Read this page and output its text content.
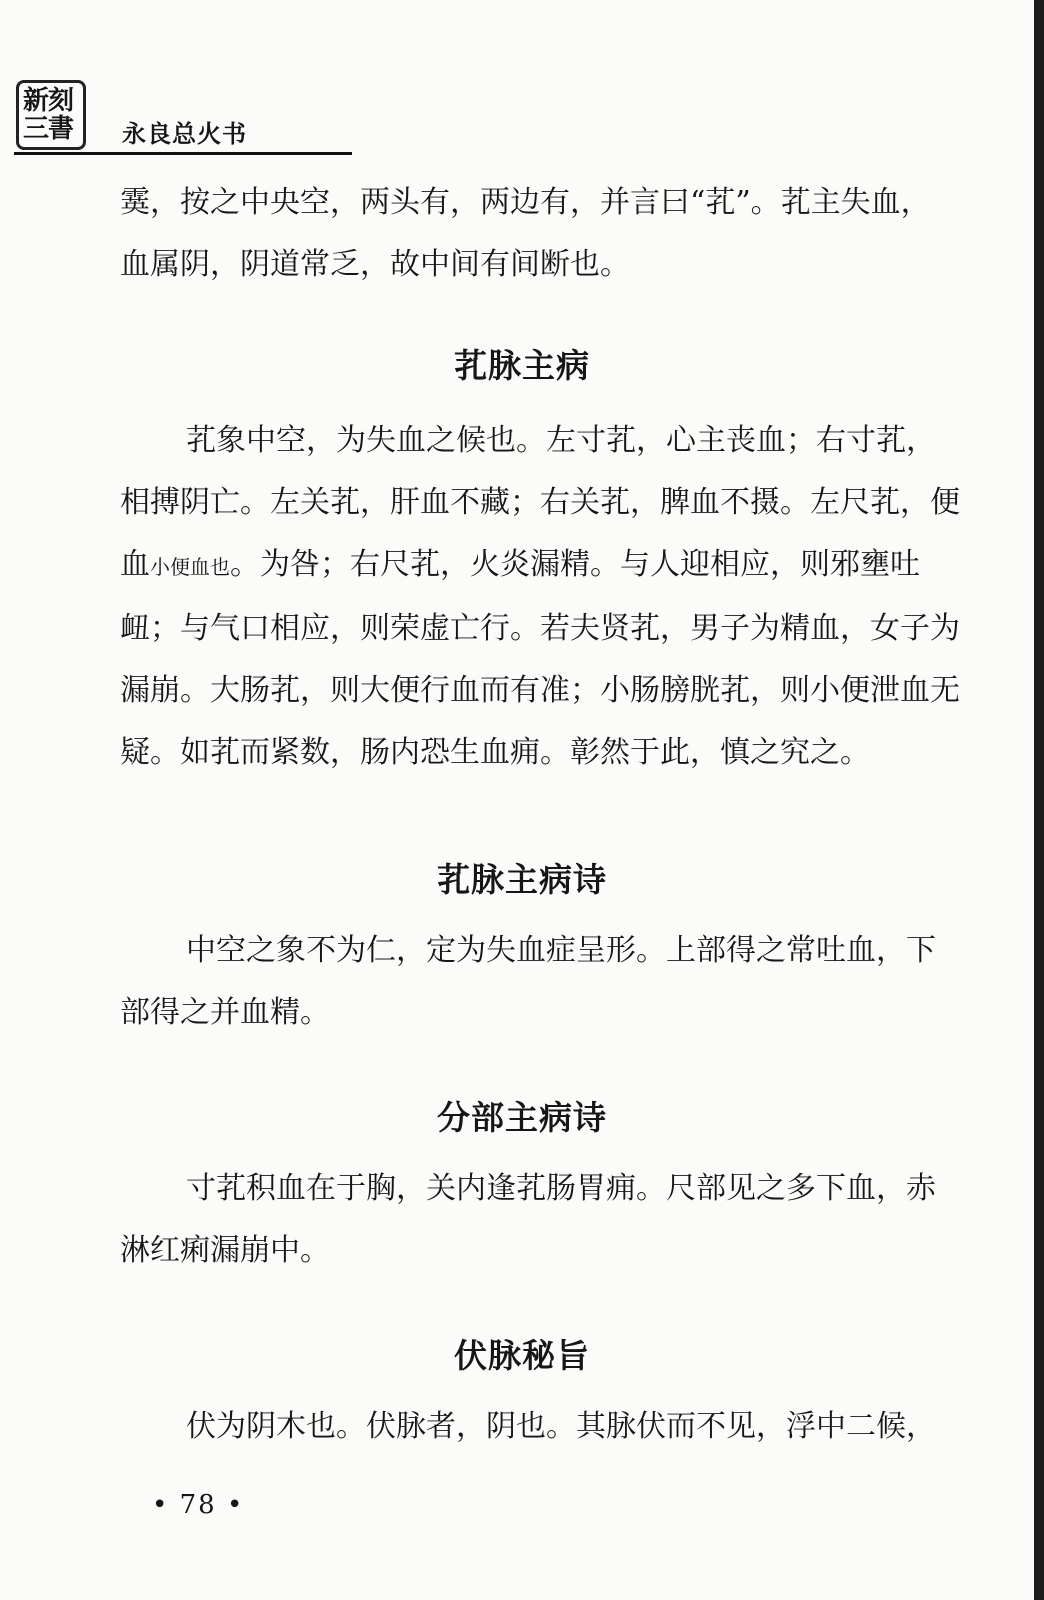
新刻三書 永良总火书

霙，按之中央空，两头有，两边有，并言曰“芤”。芤主失血，血属阴，阴道常乏，故中间有间断也。

芤脉主病

芤象中空，为失血之候也。左寸芤，心主丧血；右寸芤，相搏阴亡。左关芤，肝血不藏；右关芤，脾血不摄。左尺芤，便血小便血也。为咎；右尺芤，火炎漏精。与人迎相应，则邪壅吐衄；与气口相应，则荣虚亡行。若夫贤芤，男子为精血，女子为漏崩。大肠芤，则大便行血而有准；小肠膀胱芤，则小便泄血无疑。如芤而紧数，肠内恐生血痈。彰然于此，慎之究之。

芤脉主病诗

中空之象不为仁，定为失血症呈形。上部得之常吐血，下部得之并血精。

分部主病诗

寸芤积血在于胸，关内逢芤肠胃痈。尺部见之多下血，赤淋红痢漏崩中。

伏脉秘旨

伏为阴木也。伏脉者，阴也。其脉伏而不见，浮中二候，

• 78 •
